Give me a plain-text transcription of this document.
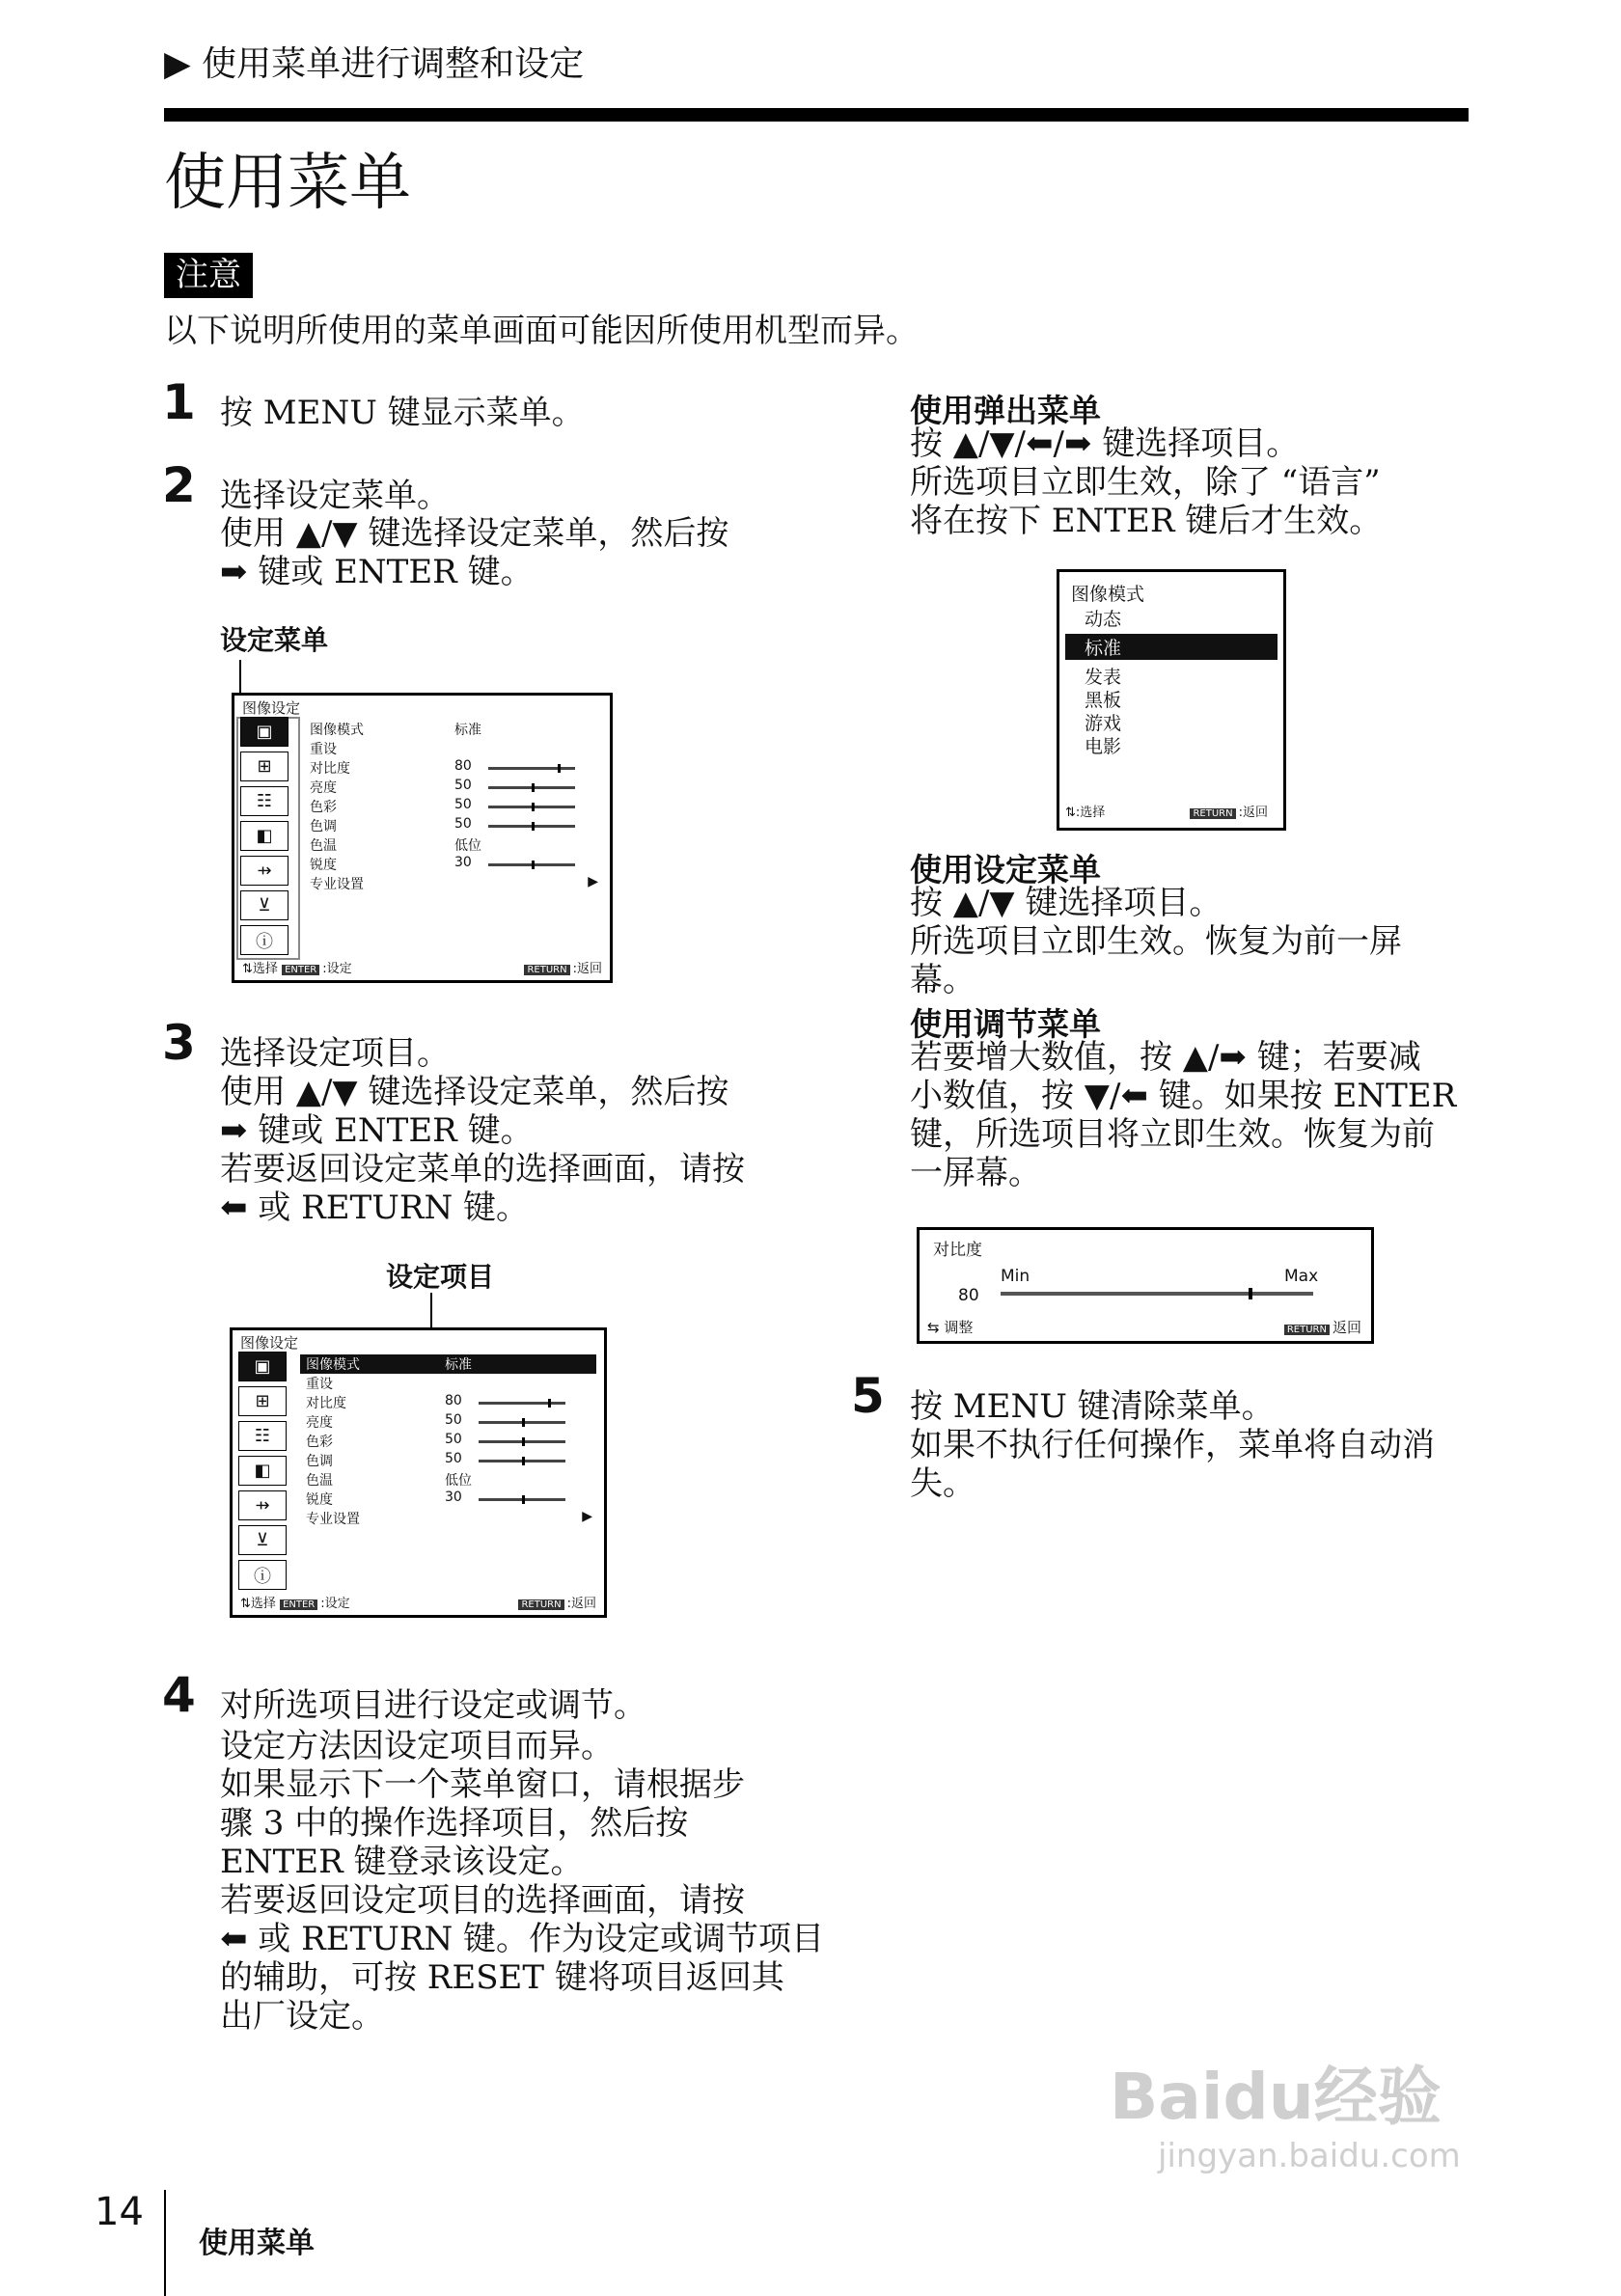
▶ 使用菜单进行调整和设定
使用菜单
注意
以下说明所使用的菜单画面可能因所使用机型而异。
1 按 MENU 键显示菜单。
2 选择设定菜单。
使用 ▲/▼ 键选择设定菜单，然后按
➡ 键或 ENTER 键。
设定菜单
图像设定
▣
⊞
☷
◧
⇸
⊻
ⓘ
图像模式	标准
重设
对比度	80
亮度	50
色彩	50
色调	50
色温	低位
锐度	30
专业设置	▶
⇅选择 ENTER :设定	RETURN :返回
3 选择设定项目。
使用 ▲/▼ 键选择设定菜单，然后按
➡ 键或 ENTER 键。
若要返回设定菜单的选择画面，请按
⬅ 或 RETURN 键。
设定项目
图像设定
▣
⊞
☷
◧
⇸
⊻
ⓘ
图像模式	标准
重设
对比度	80
亮度	50
色彩	50
色调	50
色温	低位
锐度	30
专业设置	▶
⇅选择 ENTER :设定	RETURN :返回
4 对所选项目进行设定或调节。
设定方法因设定项目而异。
如果显示下一个菜单窗口，请根据步
骤 3 中的操作选择项目，然后按
ENTER 键登录该设定。
若要返回设定项目的选择画面，请按
⬅ 或 RETURN 键。作为设定或调节项目
的辅助，可按 RESET 键将项目返回其
出厂设定。
使用弹出菜单
按 ▲/▼/⬅/➡ 键选择项目。
所选项目立即生效，除了 “语言”
将在按下 ENTER 键后才生效。
图像模式
动态
标准
发表
黑板
游戏
电影
⇅:选择	RETURN :返回
使用设定菜单
按 ▲/▼ 键选择项目。
所选项目立即生效。恢复为前一屏
幕。
使用调节菜单
若要增大数值，按 ▲/➡ 键；若要减
小数值，按 ▼/⬅ 键。如果按 ENTER
键，所选项目将立即生效。恢复为前
一屏幕。
对比度
Min	Max
80
⇆ 调整	RETURN 返回
5 按 MENU 键清除菜单。
如果不执行任何操作，菜单将自动消
失。
14
使用菜单
Baidu经验
jingyan.baidu.com
